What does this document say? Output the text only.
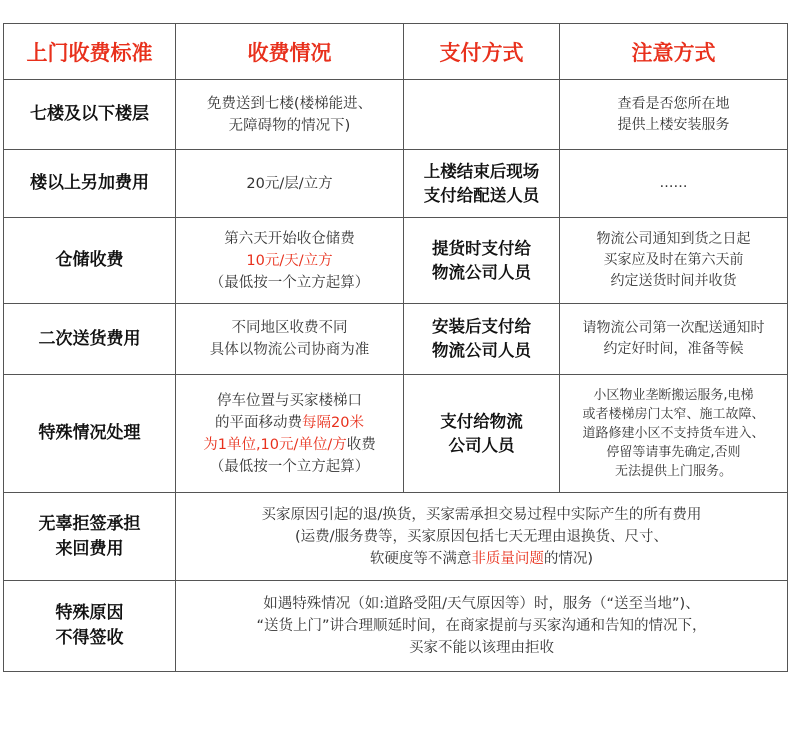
上门收费标准	收费情况	支付方式	注意方式
七楼及以下楼层	免费送到七楼(楼梯能进、
无障碍物的情况下)		查看是否您所在地
提供上楼安装服务

楼以上另加费用	20元/层/立方	上楼结束后现场
支付给配送人员	……
仓储收费	第六天开始收仓储费
10元/天/立方
（最低按一个立方起算）	提货时支付给
物流公司人员	物流公司通知到货之日起
买家应及时在第六天前
约定送货时间并收货

二次送货费用	不同地区收费不同
具体以物流公司协商为准	安装后支付给
物流公司人员	请物流公司第一次配送通知时
约定好时间，准备等候

特殊情况处理	停车位置与买家楼梯口
的平面移动费每隔20米
为1单位,10元/单位/方收费
（最低按一个立方起算）	支付给物流
公司人员	小区物业垄断搬运服务,电梯
或者楼梯房门太窄、施工故障、
道路修建小区不支持货车进入、
停留等请事先确定,否则
无法提供上门服务。

无辜拒签承担
来回费用	买家原因引起的退/换货，买家需承担交易过程中实际产生的所有费用
(运费/服务费等，买家原因包括七天无理由退换货、尺寸、
软硬度等不满意非质量问题的情况)		

特殊原因
不得签收	如遇特殊情况（如:道路受阻/天气原因等）时，服务（“送至当地”)、
“送货上门”讲合理顺延时间，在商家提前与买家沟通和告知的情况下，
买家不能以该理由拒收		
